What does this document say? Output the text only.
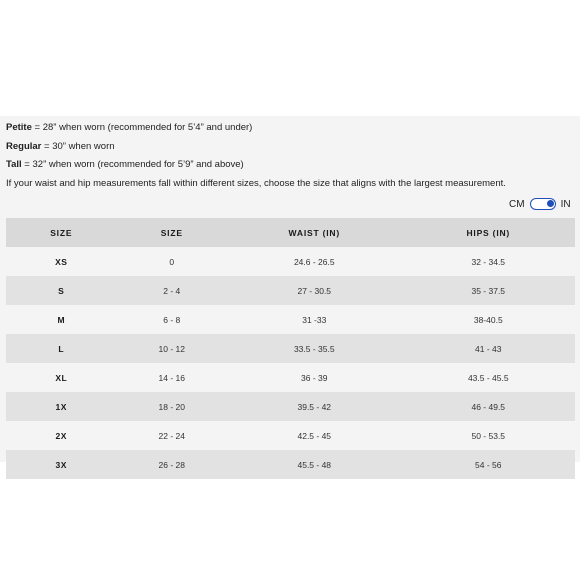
Petite = 28” when worn (recommended for 5’4” and under)

Regular = 30” when worn

Tall = 32” when worn (recommended for 5’9” and above)

If your waist and hip measurements fall within different sizes, choose the size that aligns with the largest measurement.

CM	IN
SIZE	SIZE	WAIST (IN)	HIPS (IN)
XS	0	24.6 - 26.5	32 - 34.5
S	2 - 4	27 - 30.5	35 - 37.5
M	6 - 8	31 -33	38-40.5
L	10 - 12	33.5 - 35.5	41 - 43
XL	14 - 16	36 - 39	43.5 - 45.5
1X	18 - 20	39.5 - 42	46 - 49.5
2X	22 - 24	42.5 - 45	50 - 53.5
3X	26 - 28	45.5 - 48	54 - 56
